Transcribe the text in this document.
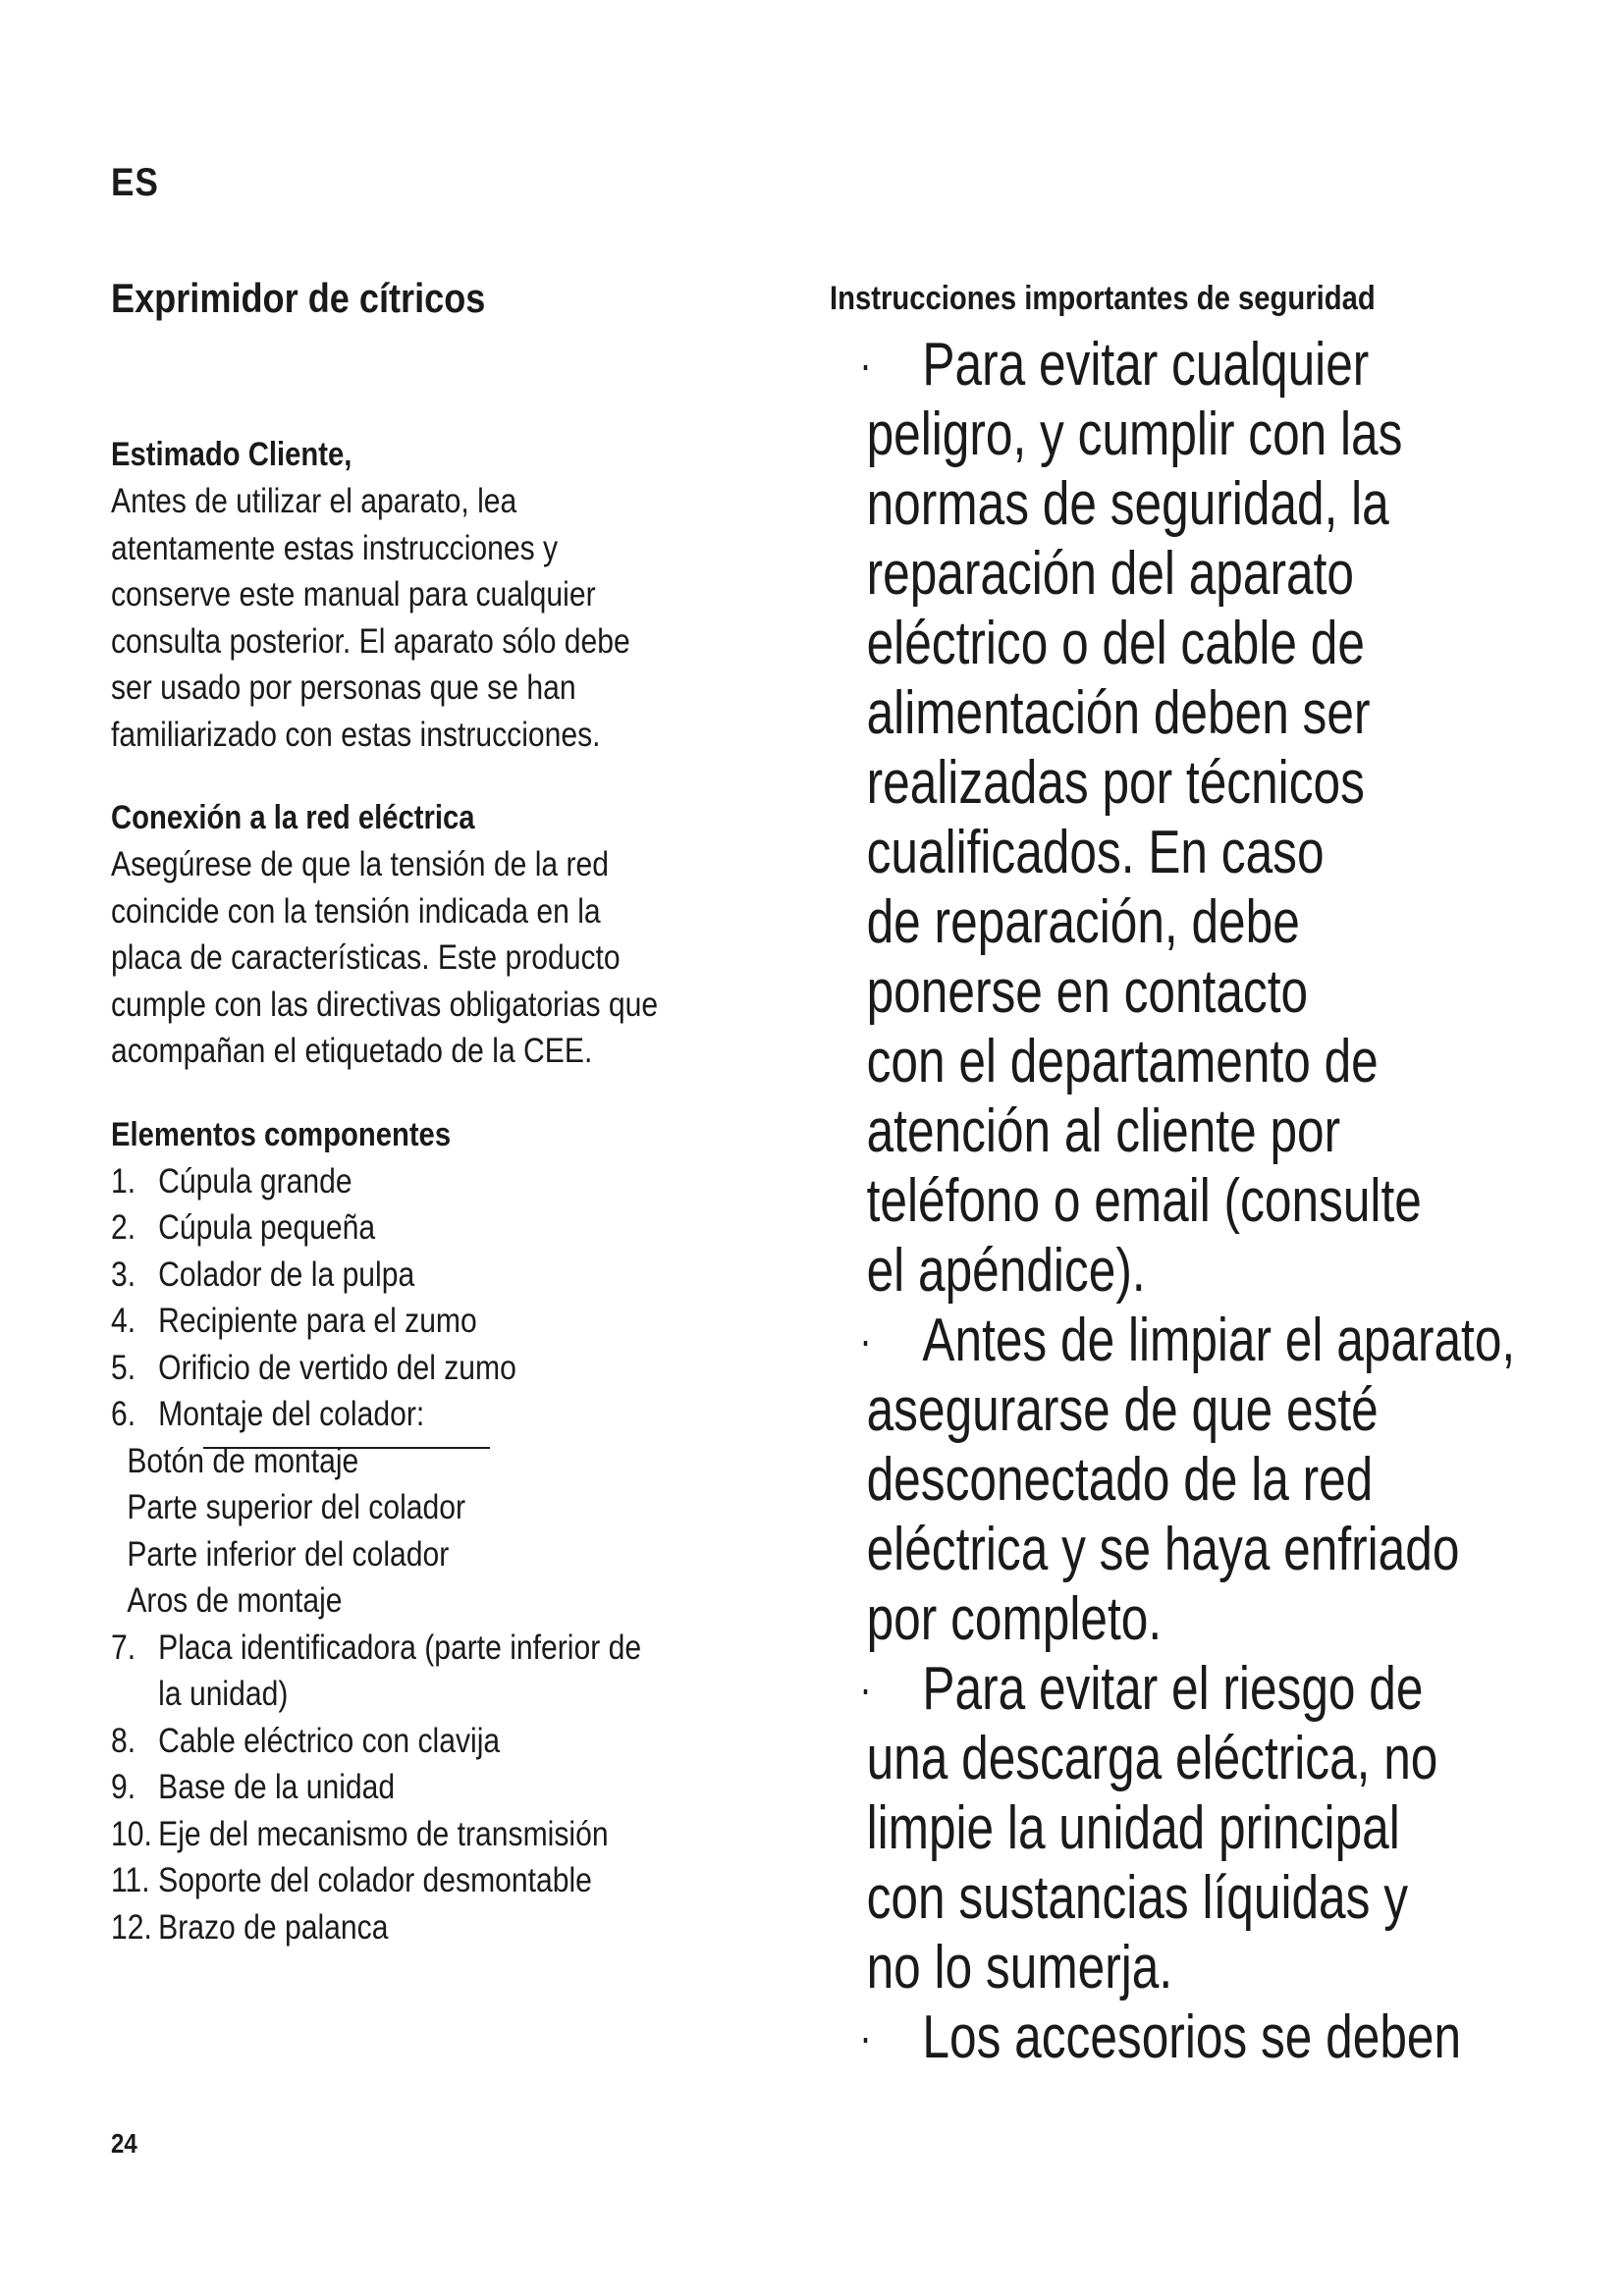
ES
Exprimidor de cítricos
Estimado Cliente,
Antes de utilizar el aparato, lea
atentamente estas instrucciones y
conserve este manual para cualquier
consulta posterior. El aparato sólo debe
ser usado por personas que se han
familiarizado con estas instrucciones.
Conexión a la red eléctrica
Asegúrese de que la tensión de la red
coincide con la tensión indicada en la
placa de características. Este producto
cumple con las directivas obligatorias que
acompañan el etiquetado de la CEE.
Elementos componentes
1. Cúpula grande
2. Cúpula pequeña
3. Colador de la pulpa
4. Recipiente para el zumo
5. Orificio de vertido del zumo
6. Montaje del colador:
Botón de montaje
Parte superior del colador
Parte inferior del colador
Aros de montaje
7. Placa identificadora (parte inferior de
la unidad)
8. Cable eléctrico con clavija
9. Base de la unidad
10. Eje del mecanismo de transmisión
11. Soporte del colador desmontable
12. Brazo de palanca
Instrucciones importantes de seguridad
· Para evitar cualquier
peligro, y cumplir con las
normas de seguridad, la
reparación del aparato
eléctrico o del cable de
alimentación deben ser
realizadas por técnicos
cualificados. En caso
de reparación, debe
ponerse en contacto
con el departamento de
atención al cliente por
teléfono o email (consulte
el apéndice).
· Antes de limpiar el aparato,
asegurarse de que esté
desconectado de la red
eléctrica y se haya enfriado
por completo.
· Para evitar el riesgo de
una descarga eléctrica, no
limpie la unidad principal
con sustancias líquidas y
no lo sumerja.
· Los accesorios se deben
24
